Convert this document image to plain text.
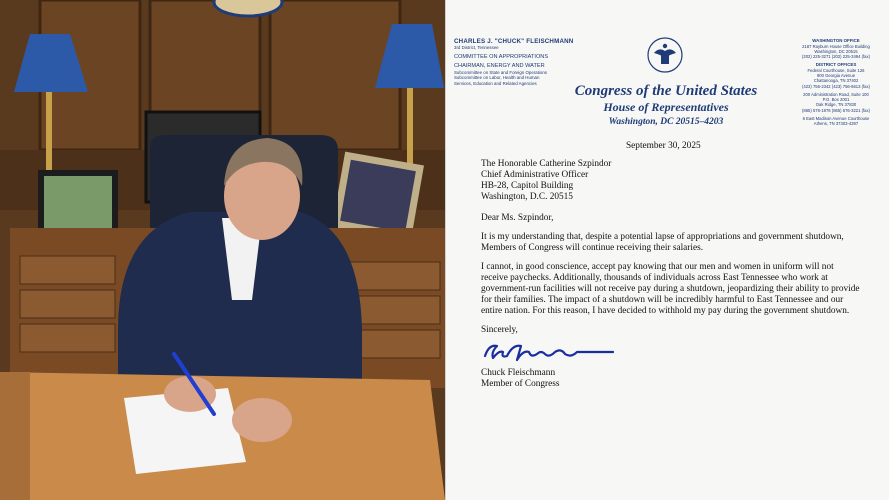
CHARLES J. "CHUCK" FLEISCHMANN
3rd District, Tennessee
COMMITTEE ON APPROPRIATIONS
CHAIRMAN, ENERGY AND WATER
Subcommittee on State and Foreign Operations
Subcommittee on Labor, Health and Human
Services, Education and Related Agencies	Congress of the United States
House of Representatives
Washington, DC 20515–4203
WASHINGTON OFFICE
2187 Rayburn House Office Building
Washington, DC 20515
(202) 225-3271 (202) 225-3494 (fax)
DISTRICT OFFICES
Federal Courthouse, Suite 126
900 Georgia Avenue
Chattanooga, TN 37402
(423) 756-2342 (423) 756-6613 (fax)
200 Administration Road, Suite 100
P.O. Box 2001
Oak Ridge, TN 37830
(865) 576-1976 (865) 576-3221 (fax)
6 East Madison Avenue Courthouse
Athens, TN 37303-4297
September 30, 2025
The Honorable Catherine Szpindor
Chief Administrative Officer
HB-28, Capitol Building
Washington, D.C. 20515

Dear Ms. Szpindor,

It is my understanding that, despite a potential lapse of appropriations and government shutdown, Members of Congress will continue receiving their salaries.

I cannot, in good conscience, accept pay knowing that our men and women in uniform will not receive paychecks. Additionally, thousands of individuals across East Tennessee who work at government-run facilities will not receive pay during a shutdown, jeopardizing their ability to provide for their families. The impact of a shutdown will be incredibly harmful to East Tennessee and our entire nation. For this reason, I have decided to withhold my pay during the government shutdown.

Sincerely,
Chuck Fleischmann
Member of Congress
